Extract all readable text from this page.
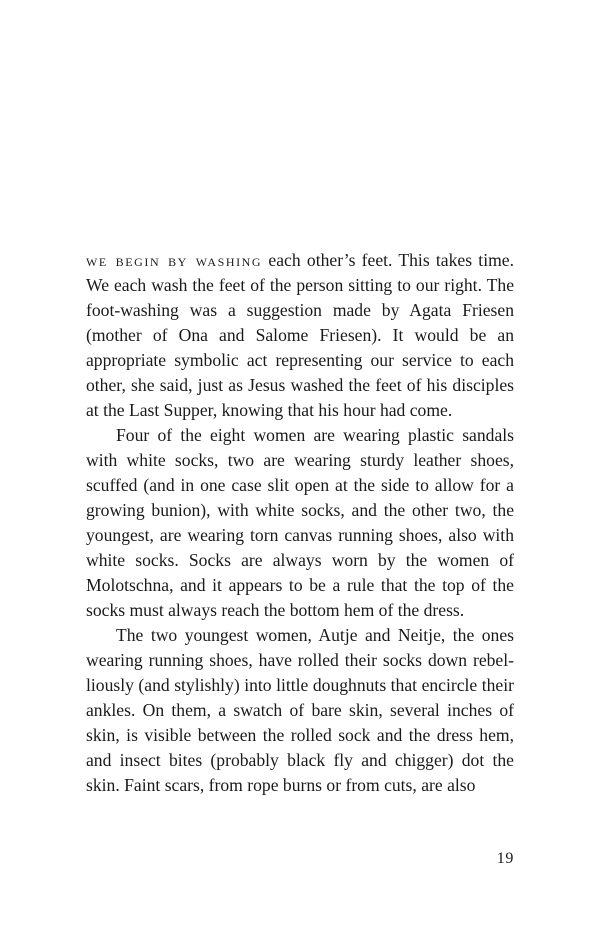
we begin by washing each other’s feet. This takes time. We each wash the feet of the person sitting to our right. The foot-washing was a suggestion made by Agata Friesen (mother of Ona and Salome Friesen). It would be an appropriate symbolic act representing our service to each other, she said, just as Jesus washed the feet of his disciples at the Last Supper, knowing that his hour had come.

Four of the eight women are wearing plastic sandals with white socks, two are wearing sturdy leather shoes, scuffed (and in one case slit open at the side to allow for a growing bunion), with white socks, and the other two, the youngest, are wearing torn canvas running shoes, also with white socks. Socks are always worn by the women of Molotschna, and it appears to be a rule that the top of the socks must always reach the bottom hem of the dress.

The two youngest women, Autje and Neitje, the ones wearing running shoes, have rolled their socks down rebelliously (and stylishly) into little doughnuts that encircle their ankles. On them, a swatch of bare skin, several inches of skin, is visible between the rolled sock and the dress hem, and insect bites (probably black fly and chigger) dot the skin. Faint scars, from rope burns or from cuts, are also

19
